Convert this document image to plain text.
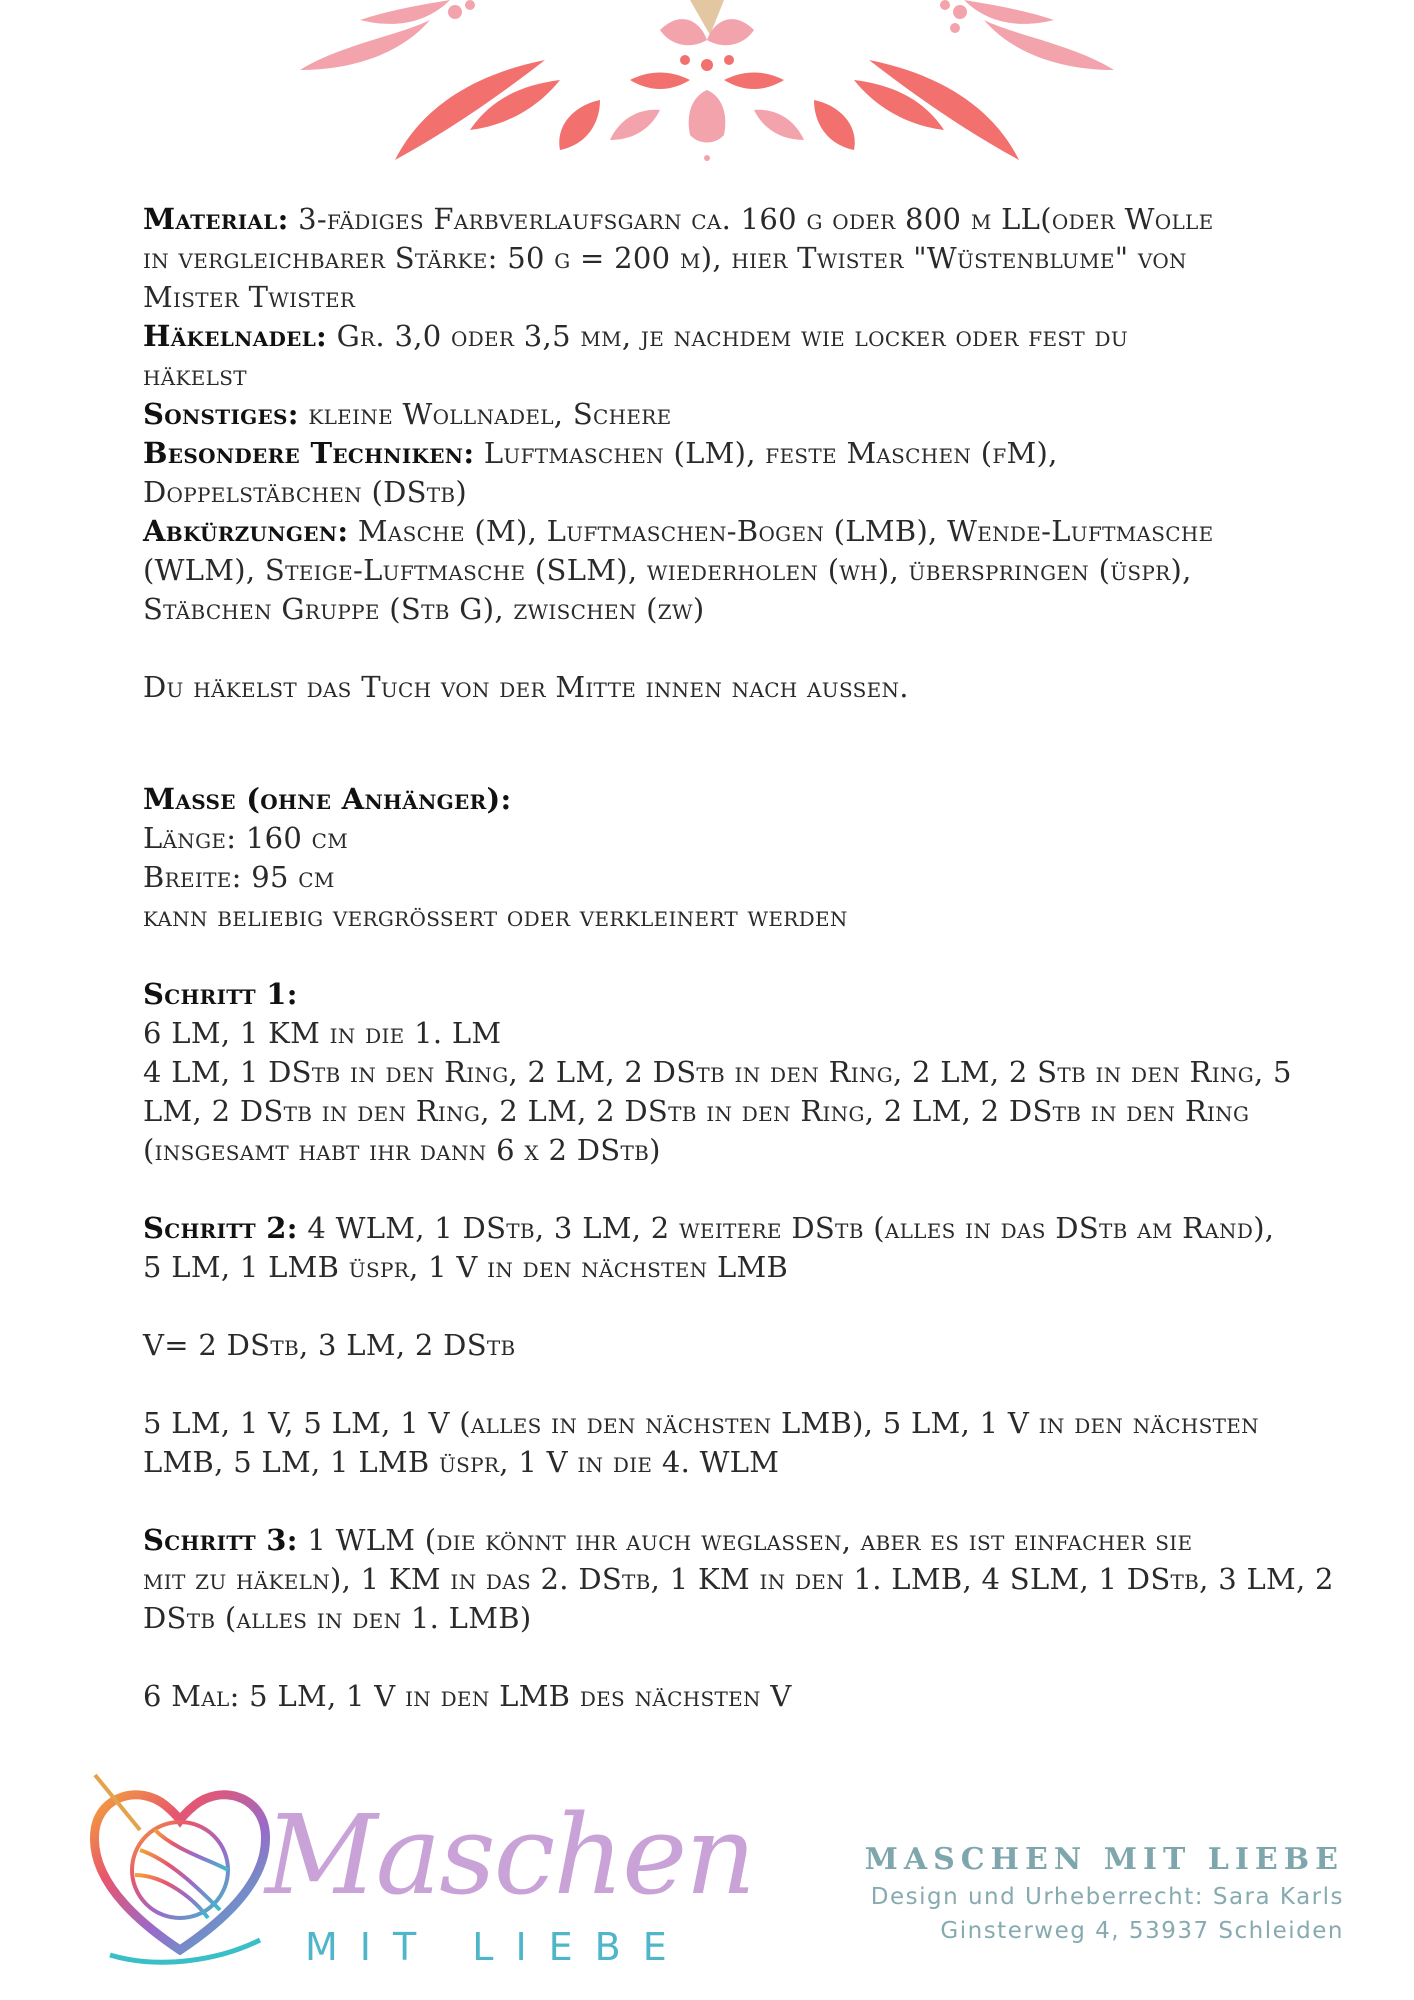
Material: 3-fädiges Farbverlaufsgarn ca. 160 g oder 800 m LL(oder Wolle
in vergleichbarer Stärke: 50 g = 200 m), hier Twister "Wüstenblume" von
Mister Twister
Häkelnadel: Gr. 3,0 oder 3,5 mm, je nachdem wie locker oder fest du
häkelst
Sonstiges: kleine Wollnadel, Schere
Besondere Techniken: Luftmaschen (LM), feste Maschen (fM),
Doppelstäbchen (DStb)
Abkürzungen: Masche (M), Luftmaschen-Bogen (LMB), Wende-Luftmasche
(WLM), Steige-Luftmasche (SLM), wiederholen (wh), überspringen (üspr),
Stäbchen Gruppe (Stb G), zwischen (zw)
Du häkelst das Tuch von der Mitte innen nach aussen.
Masse (ohne Anhänger):
Länge: 160 cm
Breite: 95 cm
kann beliebig vergrössert oder verkleinert werden
Schritt 1:
6 LM, 1 KM in die 1. LM
4 LM, 1 DStb in den Ring, 2 LM, 2 DStb in den Ring, 2 LM, 2 Stb in den Ring, 5
LM, 2 DStb in den Ring, 2 LM, 2 DStb in den Ring, 2 LM, 2 DStb in den Ring
(insgesamt habt ihr dann 6 x 2 DStb)
Schritt 2: 4 WLM, 1 DStb, 3 LM, 2 weitere DStb (alles in das DStb am Rand),
5 LM, 1 LMB üspr, 1 V in den nächsten LMB
V= 2 DStb, 3 LM, 2 DStb
5 LM, 1 V, 5 LM, 1 V (alles in den nächsten LMB), 5 LM, 1 V in den nächsten
LMB, 5 LM, 1 LMB üspr, 1 V in die 4. WLM
Schritt 3: 1 WLM (die könnt ihr auch weglassen, aber es ist einfacher sie
mit zu häkeln), 1 KM in das 2. DStb, 1 KM in den 1. LMB, 4 SLM, 1 DStb, 3 LM, 2
DStb (alles in den 1. LMB)
6 Mal: 5 LM, 1 V in den LMB des nächsten V
Maschen
MIT LIEBE
MASCHEN MIT LIEBE
Design und Urheberrecht: Sara Karls
Ginsterweg 4, 53937 Schleiden
